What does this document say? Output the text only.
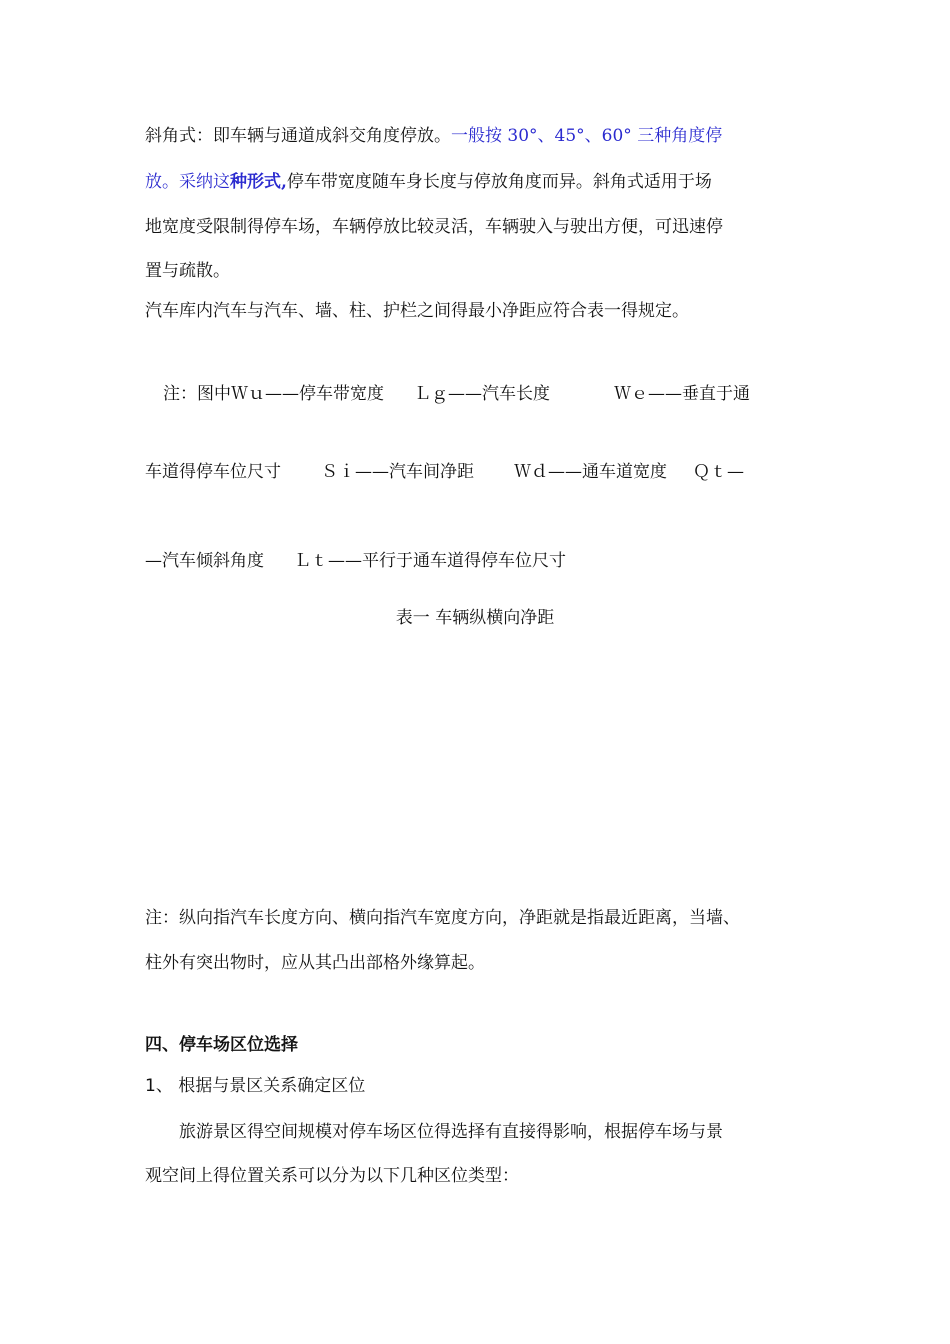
斜角式：即车辆与通道成斜交角度停放。一般按 30°、45°、60° 三种角度停
放。采纳这种形式,停车带宽度随车身长度与停放角度而异。斜角式适用于场
地宽度受限制得停车场，车辆停放比较灵活，车辆驶入与驶出方便，可迅速停
置与疏散。
汽车库内汽车与汽车、墙、柱、护栏之间得最小净距应符合表一得规定。
注：图中Ｗｕ——停车带宽度 Ｌｇ——汽车长度	Ｗｅ——垂直于通
车道得停车位尺寸 Ｓｉ——汽车间净距 Ｗｄ——通车道宽度 Ｑｔ—
—汽车倾斜角度 Ｌｔ——平行于通车道得停车位尺寸
表一 车辆纵横向净距
注：纵向指汽车长度方向、横向指汽车宽度方向，净距就是指最近距离，当墙、
柱外有突出物时，应从其凸出部格外缘算起。
四、停车场区位选择
1、 根据与景区关系确定区位
旅游景区得空间规模对停车场区位得选择有直接得影响，根据停车场与景
观空间上得位置关系可以分为以下几种区位类型：
